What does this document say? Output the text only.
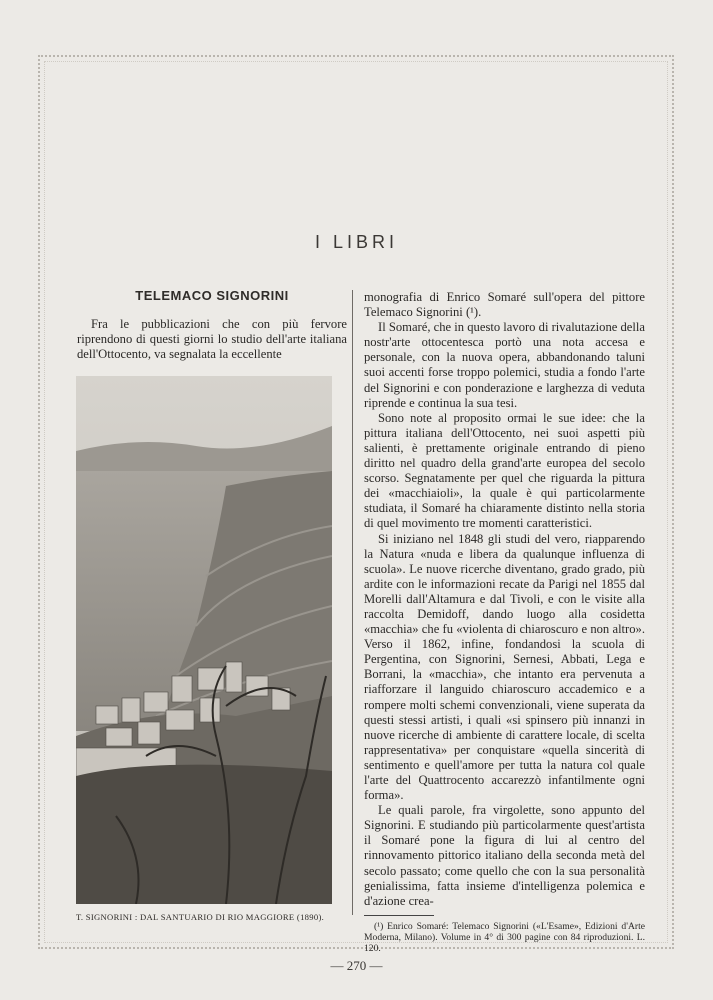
I LIBRI
TELEMACO SIGNORINI

Fra le pubblicazioni che con più fervore riprendono di questi giorni lo studio dell'arte italiana dell'Ottocento, va segnalata la eccellente

T. SIGNORINI : DAL SANTUARIO DI RIO MAGGIORE (1890).

monografia di Enrico Somaré sull'opera del pittore Telemaco Signorini (¹).

Il Somaré, che in questo lavoro di rivalutazione della nostr'arte ottocentesca portò una nota accesa e personale, con la nuova opera, abbandonando taluni suoi accenti forse troppo polemici, studia a fondo l'arte del Signorini e con ponderazione e larghezza di veduta riprende e continua la sua tesi.

Sono note al proposito ormai le sue idee: che la pittura italiana dell'Ottocento, nei suoi aspetti più salienti, è prettamente originale entrando di pieno diritto nel quadro della grand'arte europea del secolo scorso. Segnatamente per quel che riguarda la pittura dei «macchiaioli», la quale è qui particolarmente studiata, il Somaré ha chiaramente distinto nella storia di quel movimento tre momenti caratteristici.

Si iniziano nel 1848 gli studi del vero, riapparendo la Natura «nuda e libera da qualunque influenza di scuola». Le nuove ricerche diventano, grado grado, più ardite con le informazioni recate da Parigi nel 1855 dal Morelli dall'Altamura e dal Tivoli, e con le visite alla raccolta Demidoff, dando luogo alla cosidetta «macchia» che fu «violenta di chiaroscuro e non altro». Verso il 1862, infine, fondandosi la scuola di Pergentina, con Signorini, Sernesi, Abbati, Lega e Borrani, la «macchia», che intanto era pervenuta a riafforzare il languido chiaroscuro accademico e a rompere molti schemi convenzionali, viene superata da questi stessi artisti, i quali «si spinsero più innanzi in nuove ricerche di ambiente di carattere locale, di scelta rappresentativa» per conquistare «quella sincerità di sentimento e quell'amore per tutta la natura col quale l'arte del Quattrocento accarezzò infantilmente ogni forma».

Le quali parole, fra virgolette, sono appunto del Signorini. E studiando più particolarmente quest'artista il Somaré pone la figura di lui al centro del rinnovamento pittorico italiano della seconda metà del secolo passato; come quello che con la sua personalità genialissima, fatta insieme d'intelligenza polemica e d'azione crea-

(¹) Enrico Somaré: Telemaco Signorini («L'Esame», Edizioni d'Arte Moderna, Milano). Volume in 4° di 300 pagine con 84 riproduzioni. L. 120.

— 270 —
